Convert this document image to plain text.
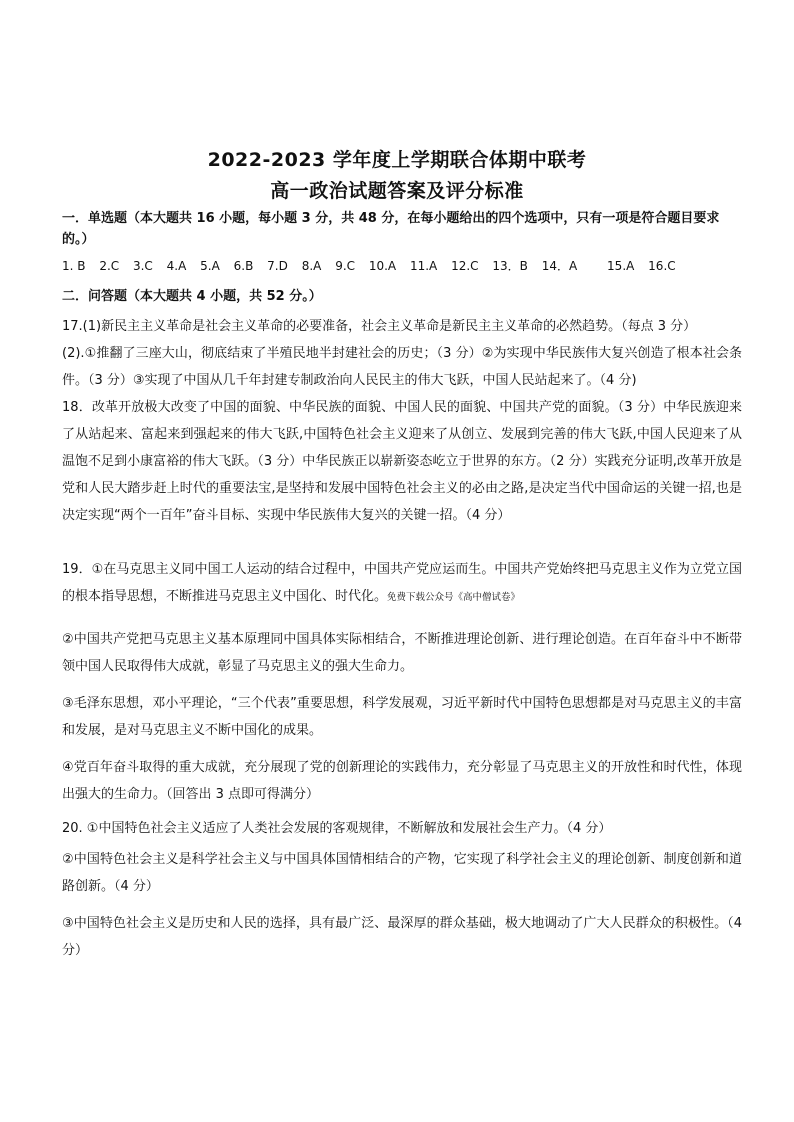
2022-2023 学年度上学期联合体期中联考
高一政治试题答案及评分标准
一．单选题（本大题共 16 小题，每小题 3 分，共 48 分，在每小题给出的四个选项中，只有一项是符合题目要求的。）
1. B 2.C 3.C 4.A 5.A 6.B 7.D 8.A 9.C 10.A 11.A 12.C 13．B 14．A 15.A 16.C
二．问答题（本大题共 4 小题，共 52 分。）
17.(1)新民主主义革命是社会主义革命的必要准备，社会主义革命是新民主主义革命的必然趋势。（每点 3 分）
(2).①推翻了三座大山，彻底结束了半殖民地半封建社会的历史；（3 分）②为实现中华民族伟大复兴创造了根本社会条件。（3 分）③实现了中国从几千年封建专制政治向人民民主的伟大飞跃，中国人民站起来了。（4 分)
18．改革开放极大改变了中国的面貌、中华民族的面貌、中国人民的面貌、中国共产党的面貌。（3 分）中华民族迎来了从站起来、富起来到强起来的伟大飞跃,中国特色社会主义迎来了从创立、发展到完善的伟大飞跃,中国人民迎来了从温饱不足到小康富裕的伟大飞跃。（3 分）中华民族正以崭新姿态屹立于世界的东方。（2 分）实践充分证明,改革开放是党和人民大踏步赶上时代的重要法宝,是坚持和发展中国特色社会主义的必由之路,是决定当代中国命运的关键一招,也是决定实现“两个一百年”奋斗目标、实现中华民族伟大复兴的关键一招。（4 分）
19．①在马克思主义同中国工人运动的结合过程中，中国共产党应运而生。中国共产党始终把马克思主义作为立党立国的根本指导思想，不断推进马克思主义中国化、时代化。免费下载公众号《高中僧试卷》
②中国共产党把马克思主义基本原理同中国具体实际相结合，不断推进理论创新、进行理论创造。在百年奋斗中不断带领中国人民取得伟大成就，彰显了马克思主义的强大生命力。
③毛泽东思想，邓小平理论，“三个代表”重要思想，科学发展观，习近平新时代中国特色思想都是对马克思主义的丰富和发展，是对马克思主义不断中国化的成果。
④党百年奋斗取得的重大成就，充分展现了党的创新理论的实践伟力，充分彰显了马克思主义的开放性和时代性，体现出强大的生命力。（回答出 3 点即可得满分）
20. ①中国特色社会主义适应了人类社会发展的客观规律，不断解放和发展社会生产力。（4 分）
②中国特色社会主义是科学社会主义与中国具体国情相结合的产物，它实现了科学社会主义的理论创新、制度创新和道路创新。（4 分）
③中国特色社会主义是历史和人民的选择，具有最广泛、最深厚的群众基础，极大地调动了广大人民群众的积极性。（4 分）
